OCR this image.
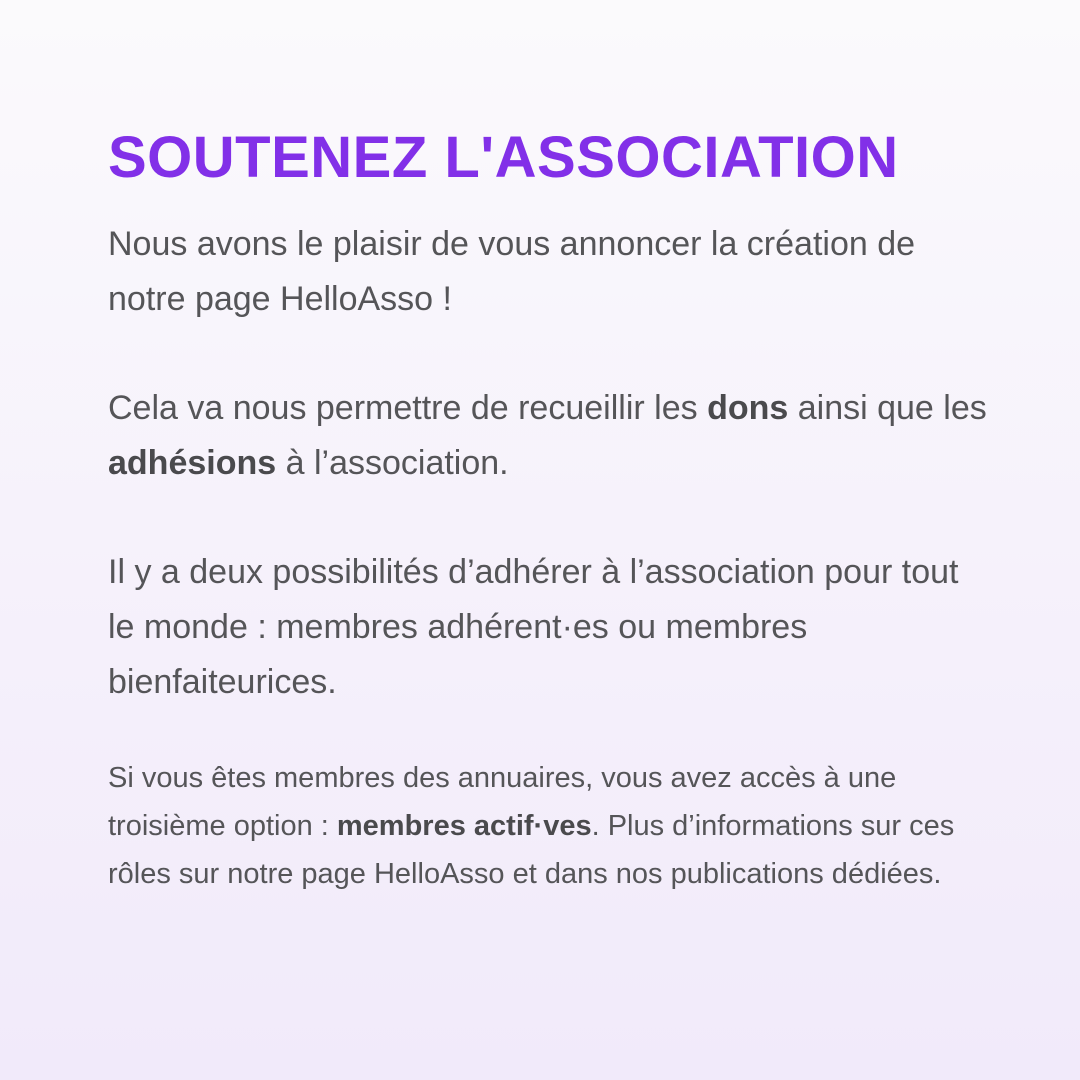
SOUTENEZ L'ASSOCIATION

Nous avons le plaisir de vous annoncer la création de notre page HelloAsso !

Cela va nous permettre de recueillir les dons ainsi que les adhésions à l’association.

Il y a deux possibilités d’adhérer à l’association pour tout le monde : membres adhérent·es ou membres bienfaiteurices.

Si vous êtes membres des annuaires, vous avez accès à une troisième option : membres actif·ves. Plus d’informations sur ces rôles sur notre page HelloAsso et dans nos publications dédiées.
